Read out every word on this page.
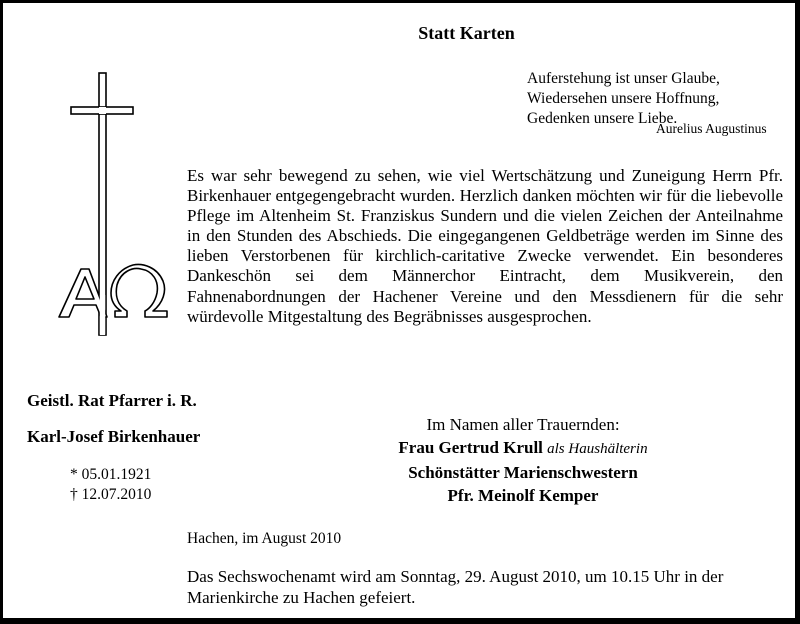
Statt Karten
Auferstehung ist unser Glaube,
Wiedersehen unsere Hoffnung,
Gedenken unsere Liebe.
Aurelius Augustinus
Es war sehr bewegend zu sehen, wie viel Wertschätzung und Zuneigung Herrn Pfr. Birkenhauer entgegengebracht wurden. Herzlich danken möchten wir für die liebevolle Pflege im Altenheim St. Franziskus Sundern und die vielen Zeichen der Anteilnahme in den Stunden des Abschieds. Die eingegangenen Geldbeträge werden im Sinne des lieben Verstorbenen für kirchlich-caritative Zwecke verwendet. Ein besonderes Dankeschön sei dem Männerchor Eintracht, dem Musikverein, den Fahnenabordnungen der Hachener Vereine und den Messdienern für die sehr würdevolle Mitgestaltung des Begräbnisses ausgesprochen.
Geistl. Rat Pfarrer i. R.
Karl-Josef Birkenhauer
* 05.01.1921
† 12.07.2010
Im Namen aller Trauernden:
Frau Gertrud Krull als Haushälterin
Schönstätter Marienschwestern
Pfr. Meinolf Kemper
Hachen, im August 2010
Das Sechswochenamt wird am Sonntag, 29. August 2010, um 10.15 Uhr in der Marienkirche zu Hachen gefeiert.
